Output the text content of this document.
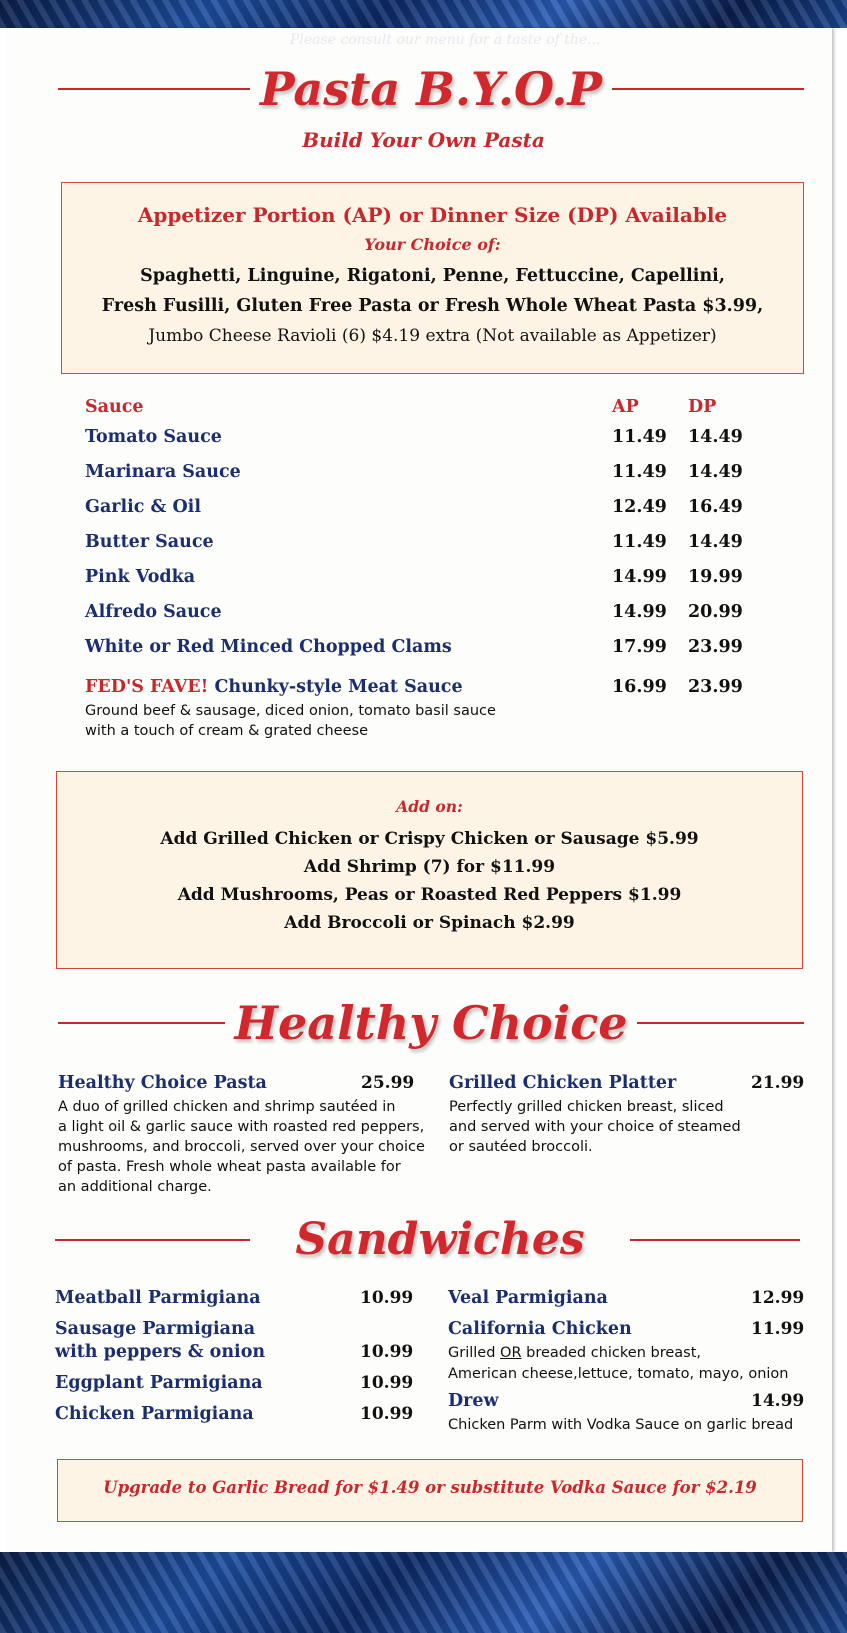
Please consult our menu for a taste of the...
Pasta B.Y.O.P
Build Your Own Pasta
Appetizer Portion (AP) or Dinner Size (DP) Available
Your Choice of:
Spaghetti, Linguine, Rigatoni, Penne, Fettuccine, Capellini,
Fresh Fusilli, Gluten Free Pasta or Fresh Whole Wheat Pasta $3.99,
Jumbo Cheese Ravioli (6) $4.19 extra (Not available as Appetizer)
Sauce	AP	DP
Tomato Sauce	11.49 14.49
Marinara Sauce	11.49 14.49
Garlic & Oil	12.49 16.49
Butter Sauce	11.49 14.49
Pink Vodka	14.99 19.99
Alfredo Sauce	14.99 20.99
White or Red Minced Chopped Clams	17.99 23.99
FED'S FAVE! Chunky-style Meat Sauce	16.99 23.99
Ground beef & sausage, diced onion, tomato basil sauce
with a touch of cream & grated cheese
Add on:
Add Grilled Chicken or Crispy Chicken or Sausage $5.99
Add Shrimp (7) for $11.99
Add Mushrooms, Peas or Roasted Red Peppers $1.99
Add Broccoli or Spinach $2.99
Healthy Choice
Healthy Choice Pasta	25.99
A duo of grilled chicken and shrimp sautéed in
a light oil & garlic sauce with roasted red peppers,
mushrooms, and broccoli, served over your choice
of pasta. Fresh whole wheat pasta available for
an additional charge.
Grilled Chicken Platter	21.99
Perfectly grilled chicken breast, sliced
and served with your choice of steamed
or sautéed broccoli.
Sandwiches
Meatball Parmigiana	10.99
Sausage Parmigiana
with peppers & onion	10.99
Eggplant Parmigiana	10.99
Chicken Parmigiana	10.99
Veal Parmigiana	12.99
California Chicken	11.99
Grilled OR breaded chicken breast,
American cheese,lettuce, tomato, mayo, onion
Drew	14.99
Chicken Parm with Vodka Sauce on garlic bread
Upgrade to Garlic Bread for $1.49 or substitute Vodka Sauce for $2.19
